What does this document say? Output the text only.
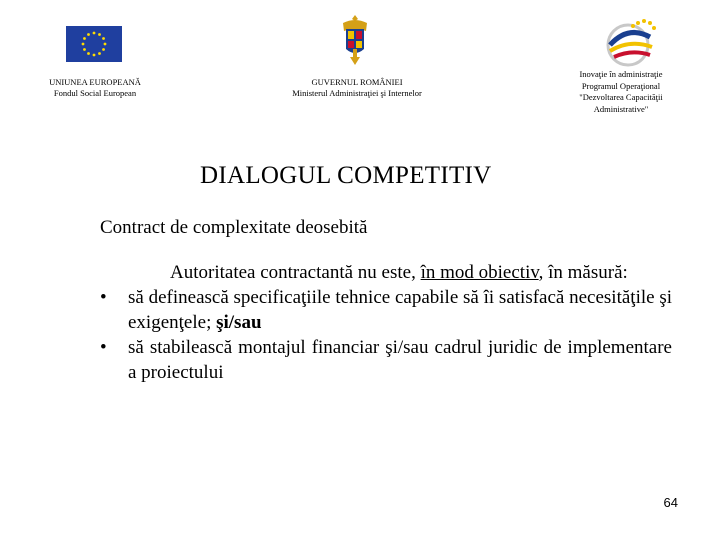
UNIUNEA EUROPEANĂ
Fondul Social European
GUVERNUL ROMÂNIEI
Ministerul Administraţiei şi Internelor
Inovaţie în administraţie
Programul Operaţional
"Dezvoltarea Capacităţii
Administrative"
DIALOGUL COMPETITIV
Contract de complexitate deosebită

Autoritatea contractantă nu este, în mod obiectiv, în măsură:

• să definească specificaţiile tehnice capabile să îi satisfacă necesităţile şi exigenţele; şi/sau
• să stabilească montajul financiar şi/sau cadrul juridic de implementare a proiectului
64
